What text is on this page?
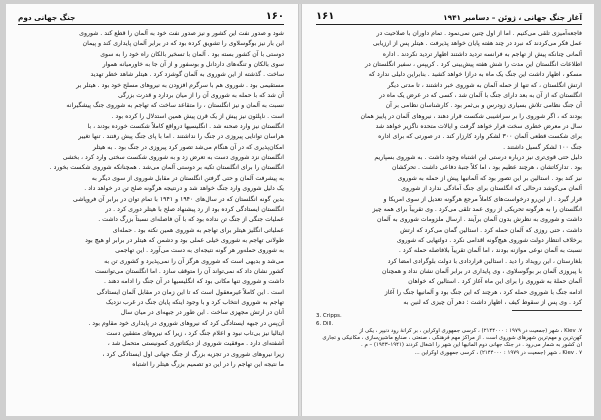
۱۶۰
جنگ جهانی دوم
شود و صدور نفت این کشور و نیز صدور نفت خود به آلمان را قطع کند . شوروی
این بار نیز بوگوسلاوی را تشویق کرده بود که در برابر آلمان پایداری کند و پیمان
دوستی با آن کشور بسته بود . آلمان با تسخیر بالکان راه خود را به سوی
سوی بالکان و تنگه‌های داردانل و بوسفور و از آن جا به خاورمیانه هموار
ساخت . گذشته از این شوروی به آلمان گوشزد کرد . هیتلر شاهد خطر تهدید
مستقیمی بود . شوروی هم با سرگرم افزودن به نیروهای مسلح خود بود . هیتلر بر
آن شد که با حمله به شوروی آن را از میان بردارد و قدرت بزرگی
نسبت به آلمان و نیز انگلستان ، را متقاعد ساخت که تهاجم به شوروی جنگ پیشگیرانه
است . ناپلئون نیز پیش از یک قرن پیش همین استدلال را کرده بود .
انگلستان نیز وارد صحنه شد . انگلیسیها درواقع کاملاً شکست خورده بودند ، با
هراسان توانایی پیروزی در جنگ را نداشتند . اما با پای جنگ پیش رفتند . تنها تغییر
امکان‌پذیری که در آن هنگام می‌شد تصور کرد پیروزی در جنگ بود . به هیتلر
انگلستان نزد شوروی دست به تعرض زد و به شوروی شکست سختی وارد کرد ، بخشی
انگلستان را برای انگلستان تکیه بر دوستی آلمان می‌شد . همچنانکه شوروی شکست بخورد .
به پیشرفت آلمان و حتی گرفتن انگلستان در مقابل شوروی از سوی دیگر به
یک دلیل شوروی وارد جنگ خواهد شد و درنتیجه هرگونه صلح تن در خواهد داد .
بدین گونه انگلستان که در سال‌های ۱۹۴۰ و ۱۹۴۱ با تمام توان در برابر آن فروپاشی
انگلستان ایستادگی کرده بود از رد پیشنهاد صلح با هیتلر دوری کرد . در
عملیات جنگی از جنگ تن نداده بود که با آن فاصله‌ای نسبتاً بزرگ داشت .
عملیاتی انگلیز هیتلر برای تهاجم به شوروی همین نکته بود . حمله‌ای
طولانی تهاجم به شوروی خیلی عملی بود و دشمن که هیتلر در برابر او هیچ بود
به شوروی حمله‌ور هر گونه نتیجه‌ای به دست می‌آورد . این تهاجمی
می‌شد و بدیهی است که شوروی هرگز آن را نمی‌پذیرد و کشوری تن به
کشور نشان داد که نمی‌تواند آن را متوقف سازد . اما انگلستان می‌توانست
داشت و شوروی تنها مکانی بود که انگلیسیها در آن جنگ را ادامه دهند .
است . این کاملاً غیرمعقول است که تا این زمان در مقابل آلمان ایستادگی
تهاجم به شوروی انتخاب کرد و با وجود اینکه پایان جنگ در غرب نزدیک
آنان در ارتش مجهزی ساخت . این طور در جبهه‌ای در میان سال
آن‌پس در جبهه ایستادگی کرد که نیروهای شوروی در پایداری خود مقاوم بود .
ایتالیا نیز بی‌تاب نبود و اعلام جنگ کرد ، زیرا که نیروهای متفقین دست
آشفته‌ای دارد . موفقیت شوروی از دیکتاتوری کمونیستی متحمل شد ،
زیرا نیروهای شوروی در تجزیه بزرگ از جنگ جهانی اول ایستادگی کرد ،
ما نتیجه این تهاجم را در این دو تصمیم بزرگ هیتلر را اشتباه
آغاز جنگ جهانی ، ژوئن – دسامبر ۱۹۴۱
۱۶۱
فاجعه‌آمیزی تلقی می‌کنیم . اما از اول چنین نمی‌نمود . تمام داوران با صلاحیت در
عمل فکر می‌کردند که نبرد در چند هفته پایان خواهد پذیرفت . هیتلر پس از ارزیابی
آلمانی چنانکه پیش از تهاجم به فرانسه تردید داشتند اظهار تردید نکردند . اداره
اطلاعات انگلستان این مدت را شش هفته پیش‌بینی کرد . کریپس ، سفیر انگلستان در
مسکو ، اظهار داشت این جنگ یک ماه به درازا خواهد کشید . بنابراین دلیلی ندارد که
ارتش انگلستان ، که تنها از حمله آلمان به شوروی خبر داشتند ، تا مدتی دیگر
انگلستان که از آن به بعد دارای جنگ با آلمان شد ، کسی که در عرض یک ماه در
آن جنگ نظامی تلاش بسیاری زودرس و بی‌ثمر بود . کارشناسان نظامی بر آن
بودند که ، اگر شوروی را بر سراشیبی شکست قرار دهند ، نیروهای آلمان در پاییز همان
سال در معرض خطری سخت قرار خواهد گرفت و ایالات متحده ناگزیر خواهد شد
برای شکست قطعی آلمان ۳۰۰ لشکر وارد کارزار کند . در صورتی که برای اداره
جنگ ۱۰۰ لشکر گسیل داشتند .
دلیل حتی قوی‌تری نیز درباره درستی این اشتباه وجود داشت . به شوروی بسپاریم
بود . تدارکاتشان ، هرچند عظیم بود ، اما کلاً جنبهٔ دفاعی داشت . تحرکشان
نیز کند بود . استالین بر این تصور بود که آلمانیها پیش از حمله به شوروی
آلمان می‌کوشد درحالی که انگلستان برای جنگ آمادگی ندارد از شوروی
قرار گیرد . از این‌رو درخواست‌های کاملاً مرجع هرگونه تعدیل از سوی امریکا و
انگلستان را به هرگونه تحریکی از روی عمد تلقی می‌کرد . وی تقریباً برای همه چیز
داشت و شوروی به نظرش بدون آلمان برآیند . ارسال ملزومات شوروی به آلمان
داشت ، حتی روزی که آلمان حمله کرد . استالین گمان می‌کرد که ارتش
برخلاف انتظار دولت شوروی هیچ‌گونه اقدامی نکرد . دولتهایی که شوروی
نسبت به آلمان نوعی موازنه بودند ، اما آلمان تقریباً بلافاصله حمله کرد .
بلغارستان ، این رویداد را دید . استالین قراردادی با دولت بلوگرادی امضا کرد
با پیروزی آلمان بر بوگوسلاوی ، وی پایداری در برابر آلمان نشان نداد و همچنان
آلمان حملهٔ به شوروی را برای این ماه آغاز کرد . استالین که خواهان
ادامه جنگ با شوروی حمله کرد ، هرچند که این جنگ بود و آلمانیها جنگ را آغاز
کرد . وی پس از سقوط کیف ، اظهار داشت : دهر آن چیزی که لنین به
3. Cripps.
6. Dill.
۷. Kiev ، شهر (جمعیت در ۱۹۷۹ : ۲۱۴۴۰۰۰) ، کرسی جمهوری اوکراین ، بر کرانهٔ رود دنیپر ، یکی از
کهن‌ترین و مهم‌ترین شهرهای شوروی است . از مراکز مهم فرهنگی ، صنعتی ، صنایع ماشین‌سازی ، مکانیکی و تجاری
آن کشور به شمار می‌رود . در جنگ جهانی دوم آلمانیها این شهر را اشغال کردند (۱۹۴۱–۱۹۴۳) – م .
Kiev . ۷ ، شهر (جمعیت در ۱۹۷۹ : ۲۱۴۴۰۰۰) ، کرسی جمهوری اوکراین ...
